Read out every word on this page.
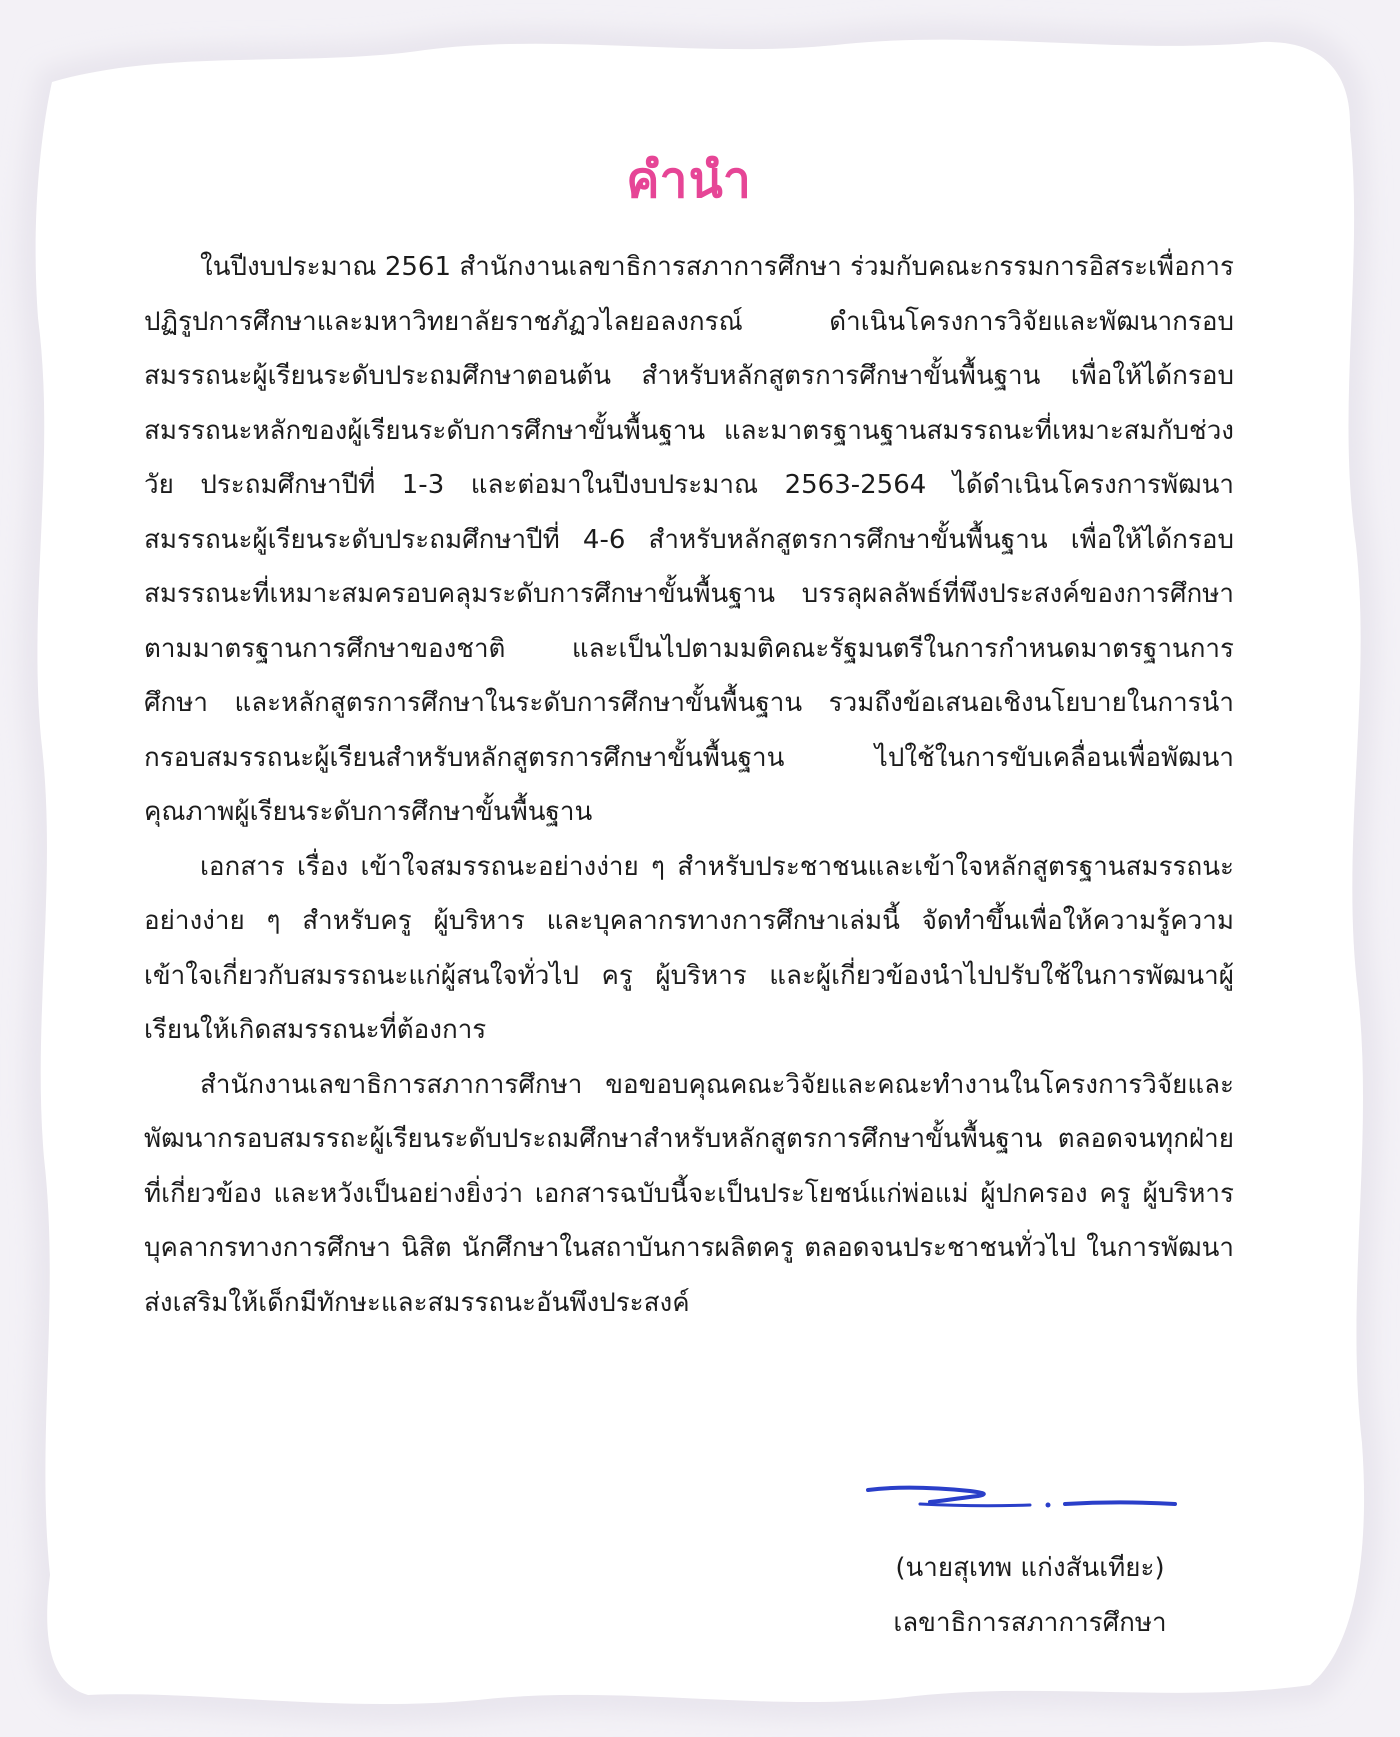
คำนำ

ในปีงบประมาณ 2561 สำนักงานเลขาธิการสภาการศึกษา ร่วมกับคณะกรรมการอิสระเพื่อการปฏิรูปการศึกษาและมหาวิทยาลัยราชภัฏวไลยอลงกรณ์ ดำเนินโครงการวิจัยและพัฒนากรอบสมรรถนะผู้เรียนระดับประถมศึกษาตอนต้น สำหรับหลักสูตรการศึกษาขั้นพื้นฐาน เพื่อให้ได้กรอบสมรรถนะหลักของผู้เรียนระดับการศึกษาขั้นพื้นฐาน และมาตรฐานฐานสมรรถนะที่เหมาะสมกับช่วงวัย ประถมศึกษาปีที่ 1-3 และต่อมาในปีงบประมาณ 2563-2564 ได้ดำเนินโครงการพัฒนาสมรรถนะผู้เรียนระดับประถมศึกษาปีที่ 4-6 สำหรับหลักสูตรการศึกษาขั้นพื้นฐาน เพื่อให้ได้กรอบสมรรถนะที่เหมาะสมครอบคลุมระดับการศึกษาขั้นพื้นฐาน บรรลุผลลัพธ์ที่พึงประสงค์ของการศึกษาตามมาตรฐานการศึกษาของชาติ และเป็นไปตามมติคณะรัฐมนตรีในการกำหนดมาตรฐานการศึกษา และหลักสูตรการศึกษาในระดับการศึกษาขั้นพื้นฐาน รวมถึงข้อเสนอเชิงนโยบายในการนำกรอบสมรรถนะผู้เรียนสำหรับหลักสูตรการศึกษาขั้นพื้นฐาน ไปใช้ในการขับเคลื่อนเพื่อพัฒนาคุณภาพผู้เรียนระดับการศึกษาขั้นพื้นฐาน

เอกสาร เรื่อง เข้าใจสมรรถนะอย่างง่าย ๆ สำหรับประชาชนและเข้าใจหลักสูตรฐานสมรรถนะอย่างง่าย ๆ สำหรับครู ผู้บริหาร และบุคลากรทางการศึกษาเล่มนี้ จัดทำขึ้นเพื่อให้ความรู้ความเข้าใจเกี่ยวกับสมรรถนะแก่ผู้สนใจทั่วไป ครู ผู้บริหาร และผู้เกี่ยวข้องนำไปปรับใช้ในการพัฒนาผู้เรียนให้เกิดสมรรถนะที่ต้องการ

สำนักงานเลขาธิการสภาการศึกษา ขอขอบคุณคณะวิจัยและคณะทำงานในโครงการวิจัยและพัฒนากรอบสมรรถะผู้เรียนระดับประถมศึกษาสำหรับหลักสูตรการศึกษาขั้นพื้นฐาน ตลอดจนทุกฝ่ายที่เกี่ยวข้อง และหวังเป็นอย่างยิ่งว่า เอกสารฉบับนี้จะเป็นประโยชน์แก่พ่อแม่ ผู้ปกครอง ครู ผู้บริหาร บุคลากรทางการศึกษา นิสิต นักศึกษาในสถาบันการผลิตครู ตลอดจนประชาชนทั่วไป ในการพัฒนาส่งเสริมให้เด็กมีทักษะและสมรรถนะอันพึงประสงค์

(นายสุเทพ แก่งสันเทียะ)
เลขาธิการสภาการศึกษา
